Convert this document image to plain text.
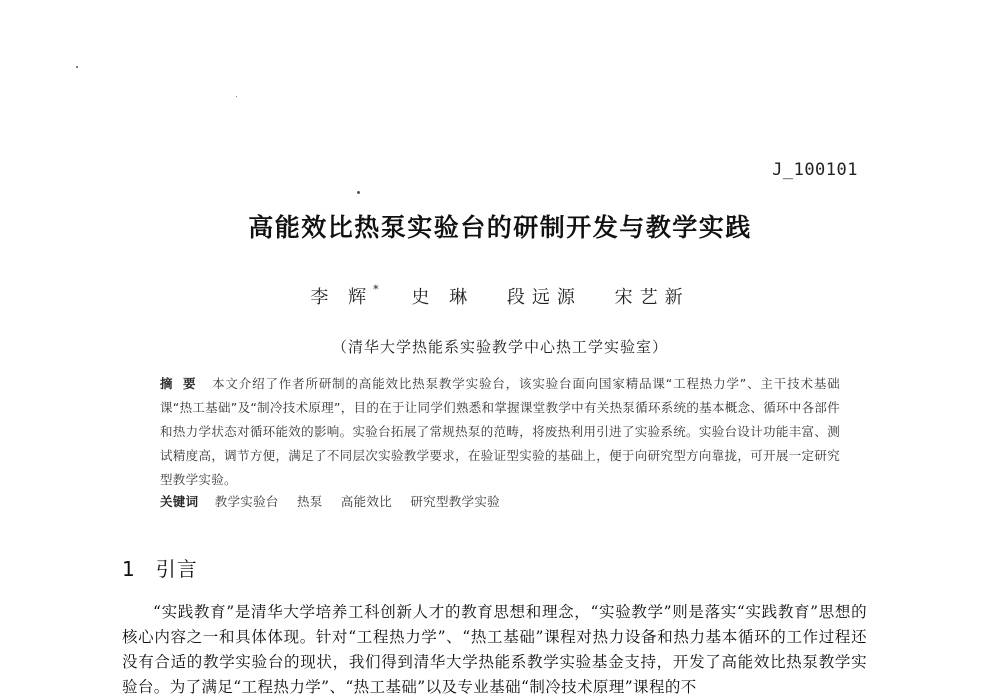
J_100101
高能效比热泵实验台的研制开发与教学实践
李 辉* 史 琳 段远源 宋艺新
（清华大学热能系实验教学中心热工学实验室）
摘要 本文介绍了作者所研制的高能效比热泵教学实验台，该实验台面向国家精品课“工程热力学”、主干技术基础课“热工基础”及“制冷技术原理”，目的在于让同学们熟悉和掌握课堂教学中有关热泵循环系统的基本概念、循环中各部件和热力学状态对循环能效的影响。实验台拓展了常规热泵的范畴，将废热利用引进了实验系统。实验台设计功能丰富、测试精度高，调节方便，满足了不同层次实验教学要求，在验证型实验的基础上，便于向研究型方向靠拢，可开展一定研究型教学实验。
关键词 教学实验台 热泵 高能效比 研究型教学实验
1 引言
“实践教育”是清华大学培养工科创新人才的教育思想和理念，“实验教学”则是落实“实践教育”思想的核心内容之一和具体体现。针对“工程热力学”、“热工基础”课程对热力设备和热力基本循环的工作过程还没有合适的教学实验台的现状，我们得到清华大学热能系教学实验基金支持，开发了高能效比热泵教学实验台。为了满足“工程热力学”、“热工基础”以及专业基础“制冷技术原理”课程的不
